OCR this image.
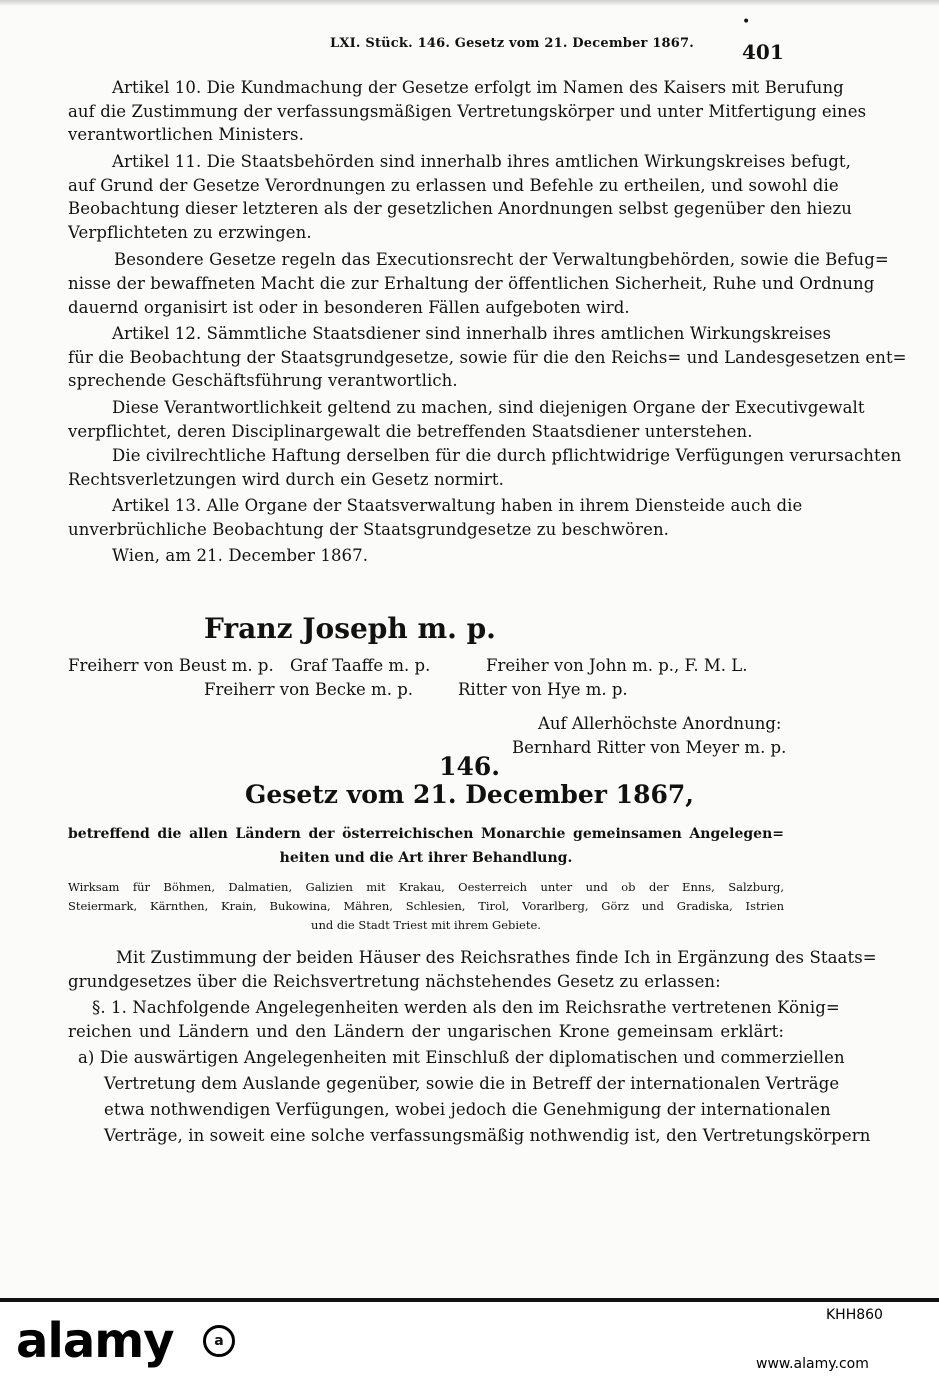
•
LXI. Stück. 146. Gesetz vom 21. December 1867. 401
Artikel 10. Die Kundmachung der Gesetze erfolgt im Namen des Kaisers mit Berufung
auf die Zustimmung der verfassungsmäßigen Vertretungskörper und unter Mitfertigung eines
verantwortlichen Ministers.
Artikel 11. Die Staatsbehörden sind innerhalb ihres amtlichen Wirkungskreises befugt,
auf Grund der Gesetze Verordnungen zu erlassen und Befehle zu ertheilen, und sowohl die
Beobachtung dieser letzteren als der gesetzlichen Anordnungen selbst gegenüber den hiezu
Verpflichteten zu erzwingen.
Besondere Gesetze regeln das Executionsrecht der Verwaltungbehörden, sowie die Befug=
nisse der bewaffneten Macht die zur Erhaltung der öffentlichen Sicherheit, Ruhe und Ordnung
dauernd organisirt ist oder in besonderen Fällen aufgeboten wird.
Artikel 12. Sämmtliche Staatsdiener sind innerhalb ihres amtlichen Wirkungskreises
für die Beobachtung der Staatsgrundgesetze, sowie für die den Reichs= und Landesgesetzen ent=
sprechende Geschäftsführung verantwortlich.
Diese Verantwortlichkeit geltend zu machen, sind diejenigen Organe der Executivgewalt
verpflichtet, deren Disciplinargewalt die betreffenden Staatsdiener unterstehen.
Die civilrechtliche Haftung derselben für die durch pflichtwidrige Verfügungen verursachten
Rechtsverletzungen wird durch ein Gesetz normirt.
Artikel 13. Alle Organe der Staatsverwaltung haben in ihrem Diensteide auch die
unverbrüchliche Beobachtung der Staatsgrundgesetze zu beschwören.
Wien, am 21. December 1867.
Franz Joseph m. p.
Freiherr von Beust m. p. Graf Taaffe m. p.	Freiher von John m. p., F. M. L.
Freiherr von Becke m. p.	Ritter von Hye m. p.
Auf Allerhöchste Anordnung:
Bernhard Ritter von Meyer m. p.
146.
Gesetz vom 21. December 1867,
betreffend die allen Ländern der österreichischen Monarchie gemeinsamen Angelegen=
heiten und die Art ihrer Behandlung.
Wirksam für Böhmen, Dalmatien, Galizien mit Krakau, Oesterreich unter und ob der Enns, Salzburg,
Steiermark, Kärnthen, Krain, Bukowina, Mähren, Schlesien, Tirol, Vorarlberg, Görz und Gradiska, Istrien
und die Stadt Triest mit ihrem Gebiete.
Mit Zustimmung der beiden Häuser des Reichsrathes finde Ich in Ergänzung des Staats=
grundgesetzes über die Reichsvertretung nächstehendes Gesetz zu erlassen:
§. 1. Nachfolgende Angelegenheiten werden als den im Reichsrathe vertretenen König=
reichen und Ländern und den Ländern der ungarischen Krone gemeinsam erklärt:
a) Die auswärtigen Angelegenheiten mit Einschluß der diplomatischen und commerziellen
Vertretung dem Auslande gegenüber, sowie die in Betreff der internationalen Verträge
etwa nothwendigen Verfügungen, wobei jedoch die Genehmigung der internationalen
Verträge, in soweit eine solche verfassungsmäßig nothwendig ist, den Vertretungskörpern
alamy	a
KHH860
www.alamy.com
